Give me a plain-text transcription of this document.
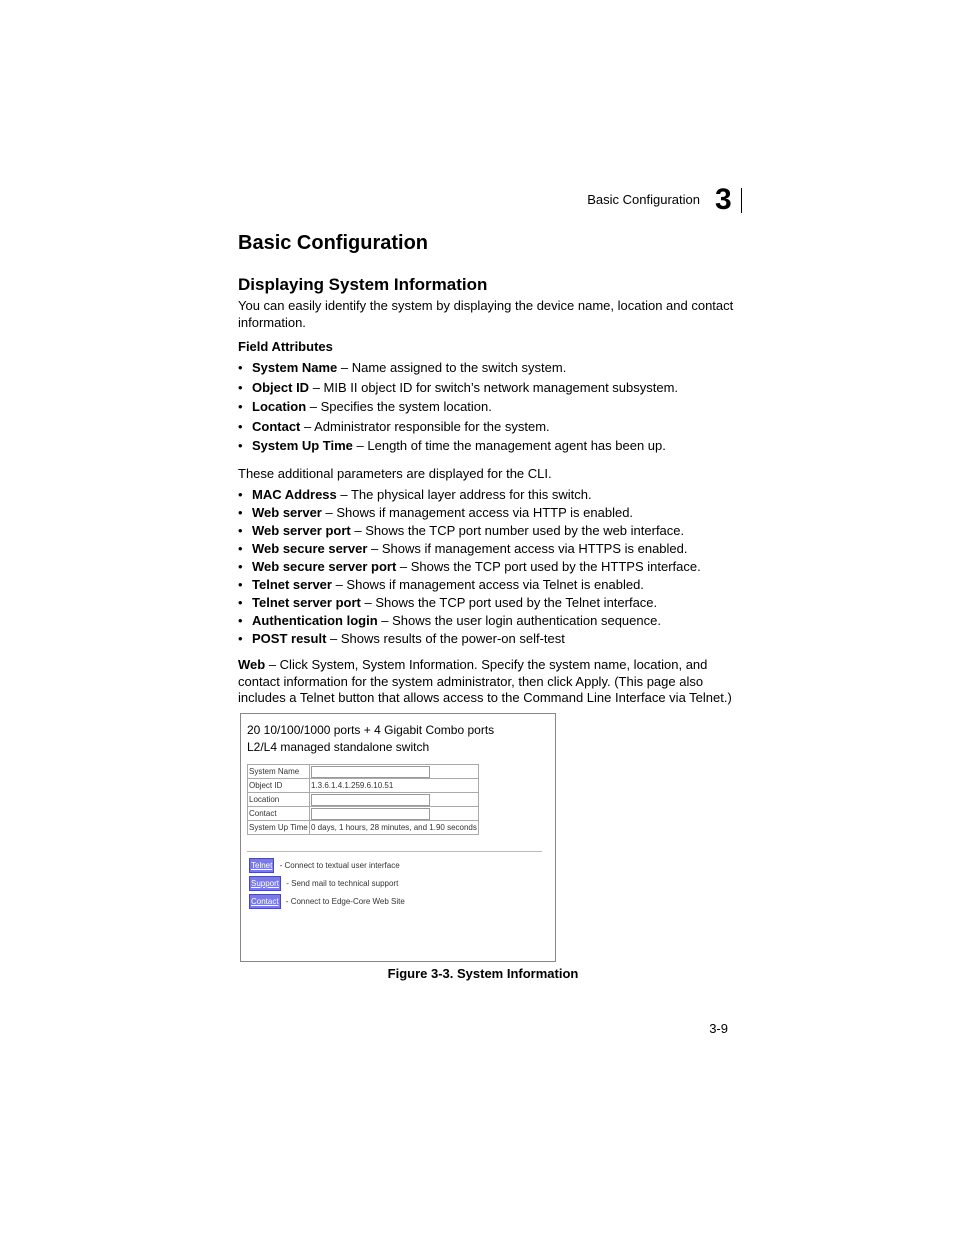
Basic Configuration 3
Basic Configuration
Displaying System Information
You can easily identify the system by displaying the device name, location and contact information.
Field Attributes
• System Name – Name assigned to the switch system.
• Object ID – MIB II object ID for switch’s network management subsystem.
• Location – Specifies the system location.
• Contact – Administrator responsible for the system.
• System Up Time – Length of time the management agent has been up.
These additional parameters are displayed for the CLI.
• MAC Address – The physical layer address for this switch.
• Web server – Shows if management access via HTTP is enabled.
• Web server port – Shows the TCP port number used by the web interface.
• Web secure server – Shows if management access via HTTPS is enabled.
• Web secure server port – Shows the TCP port used by the HTTPS interface.
• Telnet server – Shows if management access via Telnet is enabled.
• Telnet server port – Shows the TCP port used by the Telnet interface.
• Authentication login – Shows the user login authentication sequence.
• POST result – Shows results of the power-on self-test
Web – Click System, System Information. Specify the system name, location, and contact information for the system administrator, then click Apply. (This page also includes a Telnet button that allows access to the Command Line Interface via Telnet.)
20 10/100/1000 ports + 4 Gigabit Combo ports
L2/L4 managed standalone switch
System Name	
Object ID	1.3.6.1.4.1.259.6.10.51
Location	
Contact	
System Up Time	0 days, 1 hours, 28 minutes, and 1.90 seconds
Telnet - Connect to textual user interface
Support - Send mail to technical support
Contact - Connect to Edge-Core Web Site
Figure 3-3. System Information
3-9
